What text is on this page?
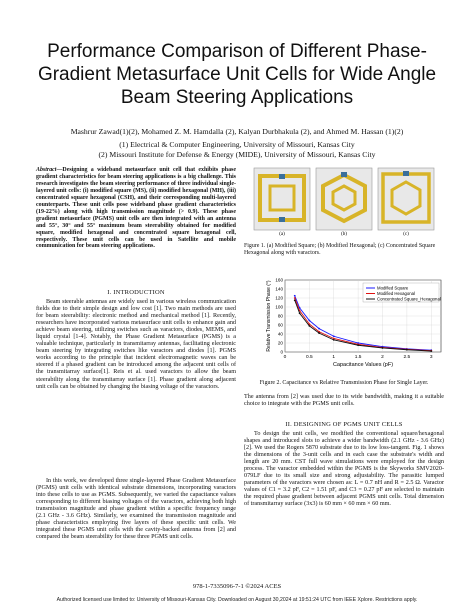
Performance Comparison of Different Phase-Gradient Metasurface Unit Cells for Wide Angle Beam Steering Applications
Mashrur Zawad(1)(2), Mohamed Z. M. Hamdalla (2), Kalyan Durbhakula (2), and Ahmed M. Hassan (1)(2)
(1) Electrical & Computer Engineering, University of Missouri, Kansas City
(2) Missouri Institute for Defense & Energy (MIDE), University of Missouri, Kansas City
Abstract—Designing a wideband metasurface unit cell that exhibits phase gradient characteristics for beam steering applications is a big challenge. This research investigates the beam steering performance of three individual single-layered unit cells: (i) modified square (MS), (ii) modified hexagonal (MH), (iii) concentrated square hexagonal (CSH), and their corresponding multi-layered counterparts. These unit cells pose wideband phase gradient characteristics (19-22%) along with high transmission magnitude (> 0.9). These phase gradient metasurface (PGMS) unit cells are then integrated with an antenna and 55°, 30° and 55° maximum beam steerability obtained for modified square, modified hexagonal and concentrated square hexagonal cell, respectively. These unit cells can be used in Satellite and mobile communication for beam steering applications.
I. INTRODUCTION

Beam steerable antennas are widely used in various wireless communication fields due to their simple design and low cost [1]. Two main methods are used for beam steerability: electronic method and mechanical method [1]. Recently, researchers have incorporated various metasurface unit cells to enhance gain and achieve beam steering, utilizing switches such as varactors, diodes, MEMS, and liquid crystal [1-4]. Notably, the Phase Gradient Metasurface (PGMS) is a valuable technique, particularly in transmitarray antennas, facilitating electronic beam steering by integrating switches like varactors and diodes [1]. PGMS works according to the principle that incident electromagnetic waves can be steered if a phased gradient can be introduced among the adjacent unit cells of the transmitarray surface[1]. Reis et al. used varactors to allow the beam steerability along the transmitarray surface [1]. Phase gradient along adjacent unit cells can be obtained by changing the biasing voltage of the varactors.

In this work, we developed three single-layered Phase Gradient Metasurface (PGMS) unit cells with identical substrate dimensions, incorporating varactors into these cells to use as PGMS. Subsequently, we varied the capacitance values corresponding to different biasing voltages of the varactors, achieving both high transmission magnitude and phase gradient within a specific frequency range (2.1 GHz - 3.6 GHz). Similarly, we examined the transmission magnitude and phase characteristics employing five layers of these specific unit cells. We integrated these PGMS unit cells with the cavity-backed antenna from [2] and compared the beam steerability for these three PGMS unit cells.

(a)	(b)	(c)
Figure 1. (a) Modified Square; (b) Modified Hexagonal; (c) Concentrated Square Hexagonal along with varactors.
0	0.5	1	1.5	2	2.5	3
0
20
40
60
80
100
120
140
160
Capacitance Values (pF)
Relative Transmission Phase (°)	Modified Square
Modified Hexagonal
Concentrated Square_Hexagonal
Figure 2. Capacitance vs Relative Transmission Phase for Single Layer.

The antenna from [2] was used due to its wide bandwidth, making it a suitable choice to integrate with the PGMS unit cells.

II. DESIGNING OF PGMS UNIT CELLS

To design the unit cells, we modified the conventional square/hexagonal shapes and introduced slots to achieve a wider bandwidth (2.1 GHz - 3.6 GHz) [2]. We used the Rogers 5870 substrate due to its low loss-tangent. Fig. 1 shows the dimensions of the 3-unit cells and in each case the substrate's width and length are 20 mm. CST full wave simulations were employed for the design process. The varactor embedded within the PGMS is the Skyworks SMV2020-079LF due to its small size and strong adjustability. The parasitic lumped parameters of the varactors were chosen as: L = 0.7 nH and R = 2.5 Ω. Varactor values of C1 = 3.2 pF, C2 = 1.51 pF, and C3 = 0.27 pF are selected to maintain the required phase gradient between adjacent PGMS unit cells. Total dimension of transmitarray surface (3x3) is 60 mm × 60 mm × 60 mm.

978-1-7335096-7-1 ©2024 ACES
Authorized licensed use limited to: University of Missouri-Kansas City. Downloaded on August 30,2024 at 19:51:24 UTC from IEEE Xplore. Restrictions apply.
